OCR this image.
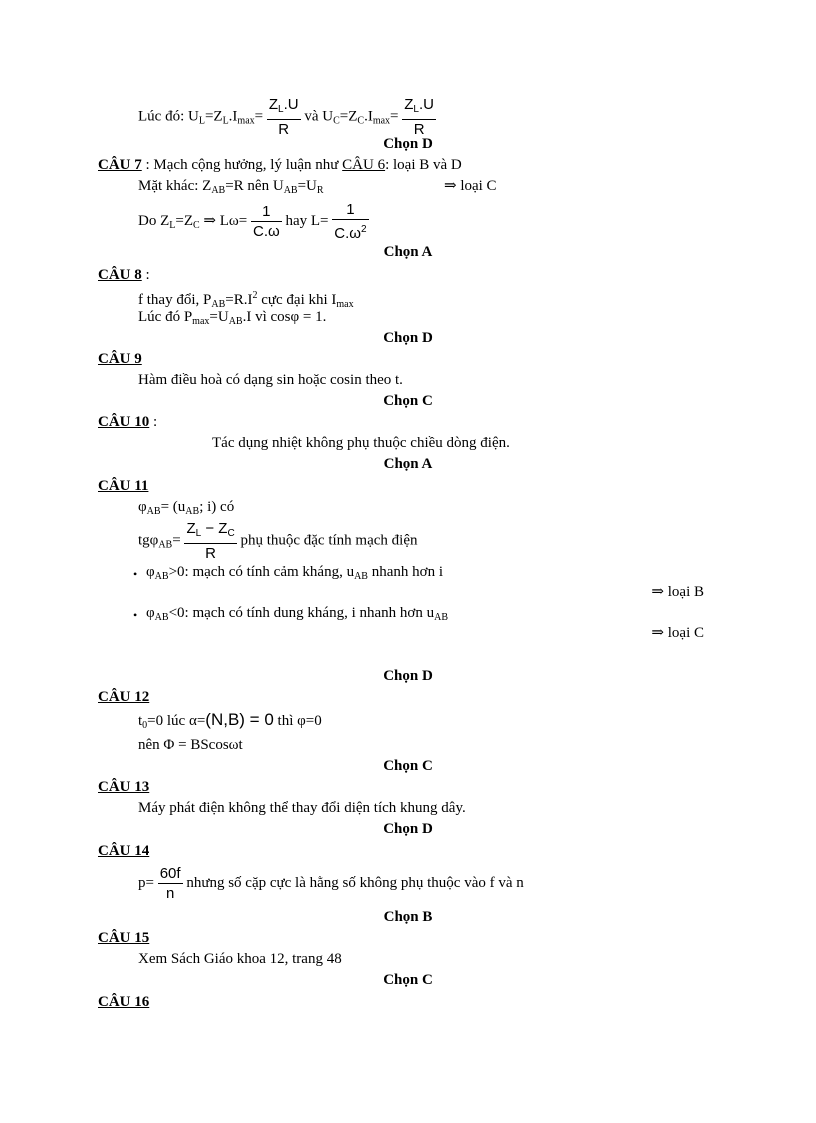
Lúc đó: $U_L=Z_L.I_{max}= \frac{Z_L.U}{R}$ và $U_C=Z_C.I_{max}= \frac{Z_L.U}{R}$
Chọn D
CÂU 7 : Mạch cộng hưởng, lý luận như CÂU 6: loại B và D
Mặt khác: $Z_{AB}=R$ nên $U_{AB}=U_R$	⇒ loại C
Do $Z_L=Z_C$ ⇒ $L\omega= \frac{1}{C.\omega}$ hay $L= \frac{1}{C.\omega^2}$
Chọn A
CÂU 8 :
f thay đổi, $P_{AB}=R.I^2$ cực đại khi $I_{max}$
Lúc đó $P_{max}=U_{AB}.I$ vì cosφ = 1.
Chọn D
CÂU 9
Hàm điều hoà có dạng sin hoặc cosin theo t.
Chọn C
CÂU 10 :
Tác dụng nhiệt không phụ thuộc chiều dòng điện.
Chọn A
CÂU 11
$\varphi_{AB}= (u_{AB}$; i) có
$tg\varphi_{AB}= \frac{Z_L - Z_C}{R}$ phụ thuộc đặc tính mạch điện
• $\varphi_{AB}>0$: mạch có tính cảm kháng, $u_{AB}$ nhanh hơn i
⇒ loại B
• $\varphi_{AB}<0$: mạch có tính dung kháng, i nhanh hơn $u_{AB}$
⇒ loại C
Chọn D
CÂU 12
$t_0=0$ lúc α=(N,B) = 0 thì φ=0
nên Φ = BScosωt
Chọn C
CÂU 13
Máy phát điện không thể thay đổi diện tích khung dây.
Chọn D
CÂU 14
$p= \frac{60f}{n}$ nhưng số cặp cực là hằng số không phụ thuộc vào f và n
Chọn B
CÂU 15
Xem Sách Giáo khoa 12, trang 48
Chọn C
CÂU 16
